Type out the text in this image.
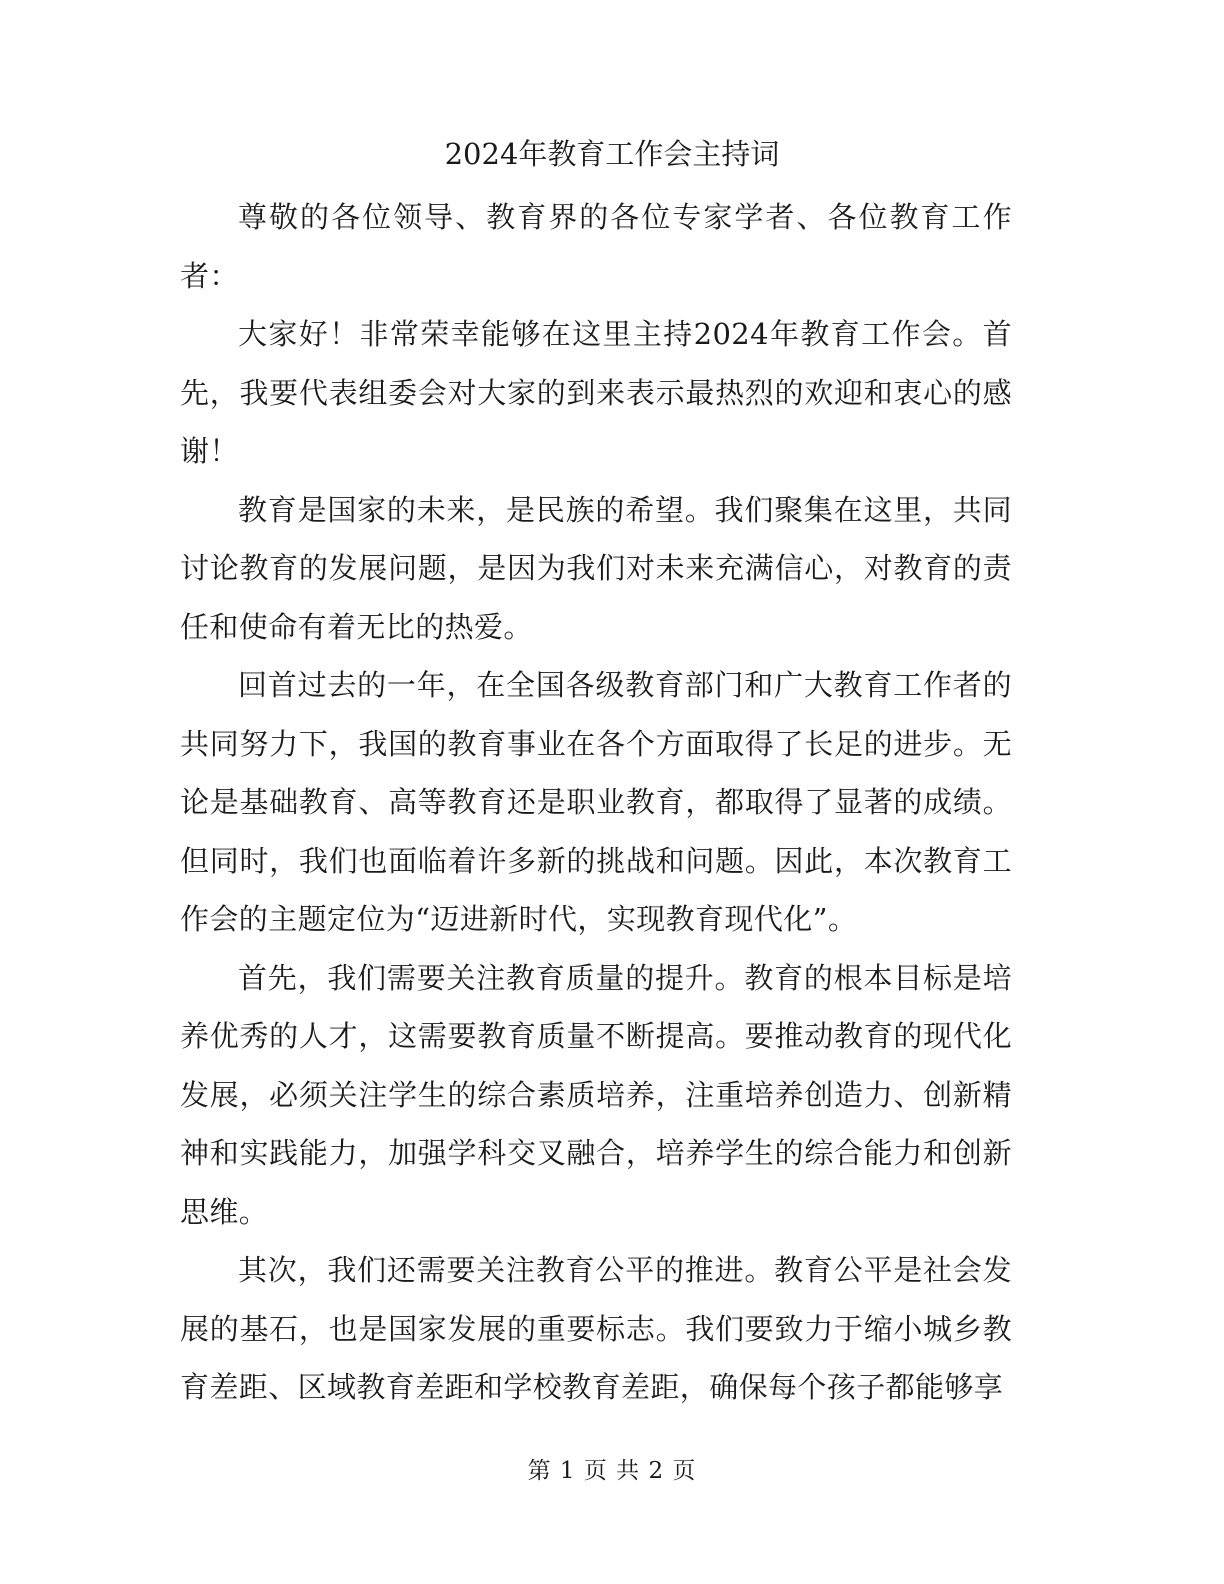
2024年教育工作会主持词

尊敬的各位领导、教育界的各位专家学者、各位教育工作者：

大家好！非常荣幸能够在这里主持2024年教育工作会。首先，我要代表组委会对大家的到来表示最热烈的欢迎和衷心的感谢！

教育是国家的未来，是民族的希望。我们聚集在这里，共同讨论教育的发展问题，是因为我们对未来充满信心，对教育的责任和使命有着无比的热爱。

回首过去的一年，在全国各级教育部门和广大教育工作者的共同努力下，我国的教育事业在各个方面取得了长足的进步。无论是基础教育、高等教育还是职业教育，都取得了显著的成绩。但同时，我们也面临着许多新的挑战和问题。因此，本次教育工作会的主题定位为“迈进新时代，实现教育现代化”。

首先，我们需要关注教育质量的提升。教育的根本目标是培养优秀的人才，这需要教育质量不断提高。要推动教育的现代化发展，必须关注学生的综合素质培养，注重培养创造力、创新精神和实践能力，加强学科交叉融合，培养学生的综合能力和创新思维。

其次，我们还需要关注教育公平的推进。教育公平是社会发展的基石，也是国家发展的重要标志。我们要致力于缩小城乡教育差距、区域教育差距和学校教育差距，确保每个孩子都能够享

第 1 页 共 2 页
